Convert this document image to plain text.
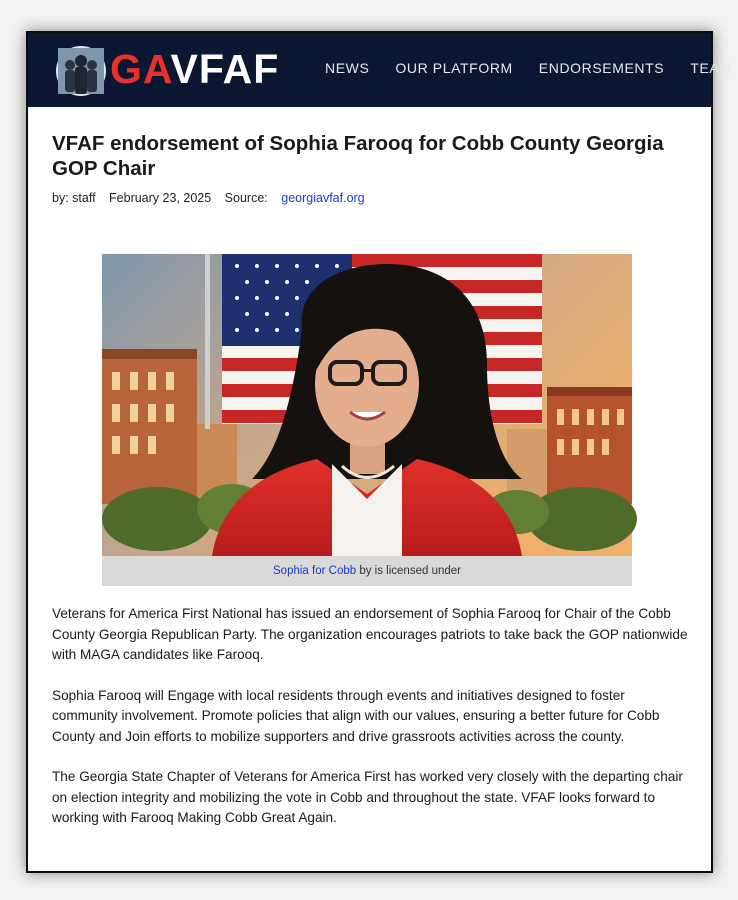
GAVFAF	NEWS OUR PLATFORM ENDORSEMENTS TEAM
VFAF endorsement of Sophia Farooq for Cobb County Georgia GOP Chair
by: staff February 23, 2025 Source: georgiavfaf.org
Sophia for Cobb by is licensed under

Veterans for America First National has issued an endorsement of Sophia Farooq for Chair of the Cobb County Georgia Republican Party. The organization encourages patriots to take back the GOP nationwide with MAGA candidates like Farooq.

Sophia Farooq will Engage with local residents through events and initiatives designed to foster community involvement. Promote policies that align with our values, ensuring a better future for Cobb County and Join efforts to mobilize supporters and drive grassroots activities across the county.

The Georgia State Chapter of Veterans for America First has worked very closely with the departing chair on election integrity and mobilizing the vote in Cobb and throughout the state. VFAF looks forward to working with Farooq Making Cobb Great Again.
